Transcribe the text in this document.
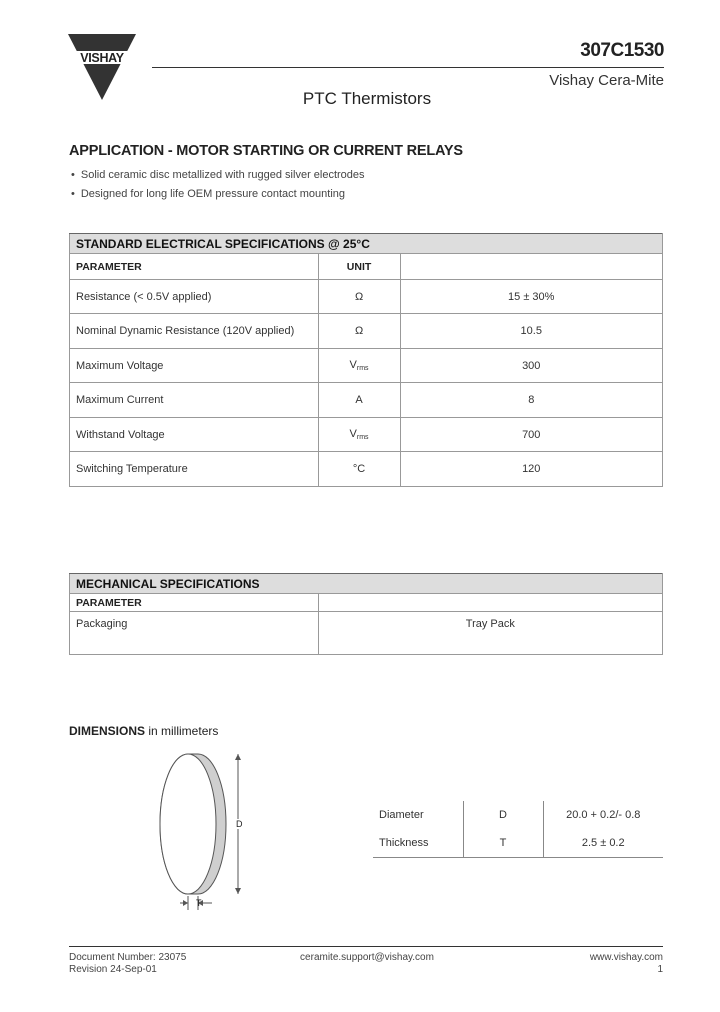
VISHAY	307C1530
Vishay Cera-Mite
PTC Thermistors
APPLICATION - MOTOR STARTING OR CURRENT RELAYS
• Solid ceramic disc metallized with rugged silver electrodes
• Designed for long life OEM pressure contact mounting
STANDARD ELECTRICAL SPECIFICATIONS @ 25°C		
PARAMETER	UNIT	
Resistance (< 0.5V applied)	Ω	15 ± 30%
Nominal Dynamic Resistance (120V applied)	Ω	10.5
Maximum Voltage	$V_{rms}$	300
Maximum Current	A	8
Withstand Voltage	$V_{rms}$	700
Switching Temperature	°C	120
MECHANICAL SPECIFICATIONS	
PARAMETER	
Packaging	Tray Pack
DIMENSIONS in millimeters
D
T
Diameter	D	20.0 + 0.2/- 0.8
Thickness	T	2.5 ± 0.2
Document Number: 23075
Revision 24-Sep-01
ceramite.support@vishay.com	www.vishay.com
1
